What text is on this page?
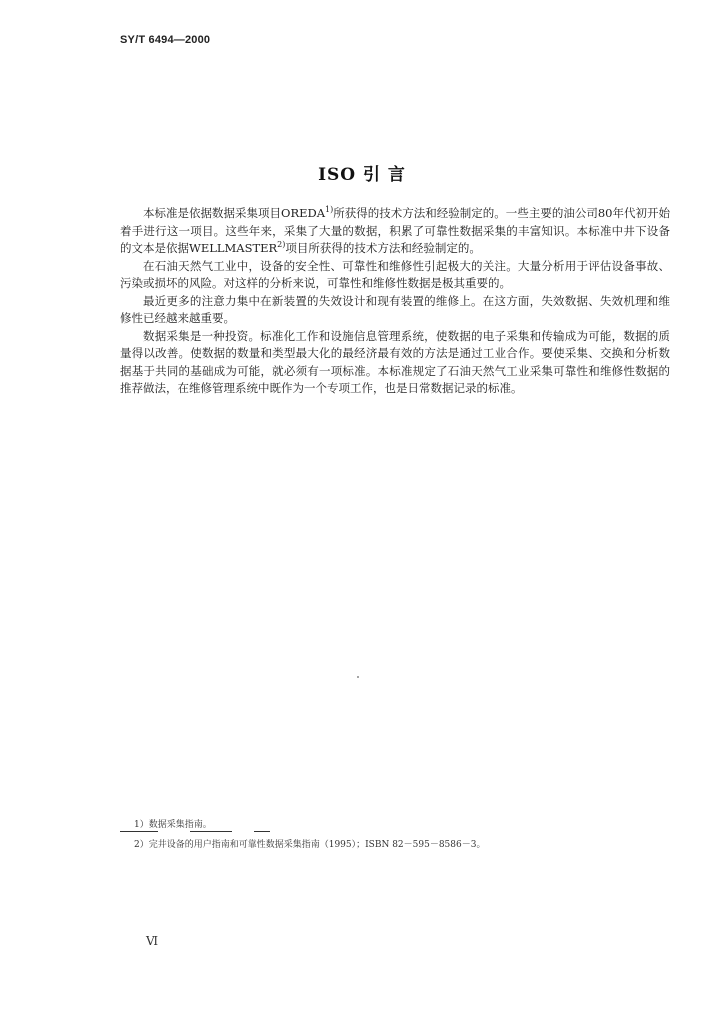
SY/T 6494—2000
ISO 引 言

本标准是依据数据采集项目OREDA$^{1)}$所获得的技术方法和经验制定的。一些主要的油公司80年代初开始着手进行这一项目。这些年来，采集了大量的数据，积累了可靠性数据采集的丰富知识。本标准中井下设备的文本是依据WELLMASTER$^{2)}$项目所获得的技术方法和经验制定的。

在石油天然气工业中，设备的安全性、可靠性和维修性引起极大的关注。大量分析用于评估设备事故、污染或损坏的风险。对这样的分析来说，可靠性和维修性数据是极其重要的。

最近更多的注意力集中在新装置的失效设计和现有装置的维修上。在这方面，失效数据、失效机理和维修性已经越来越重要。

数据采集是一种投资。标准化工作和设施信息管理系统，使数据的电子采集和传输成为可能，数据的质量得以改善。使数据的数量和类型最大化的最经济最有效的方法是通过工业合作。要使采集、交换和分析数据基于共同的基础成为可能，就必须有一项标准。本标准规定了石油天然气工业采集可靠性和维修性数据的推荐做法，在维修管理系统中既作为一个专项工作，也是日常数据记录的标准。

1）数据采集指南。

2）完井设备的用户指南和可靠性数据采集指南（1995）；ISBN 82－595－8586－3。

Ⅵ
